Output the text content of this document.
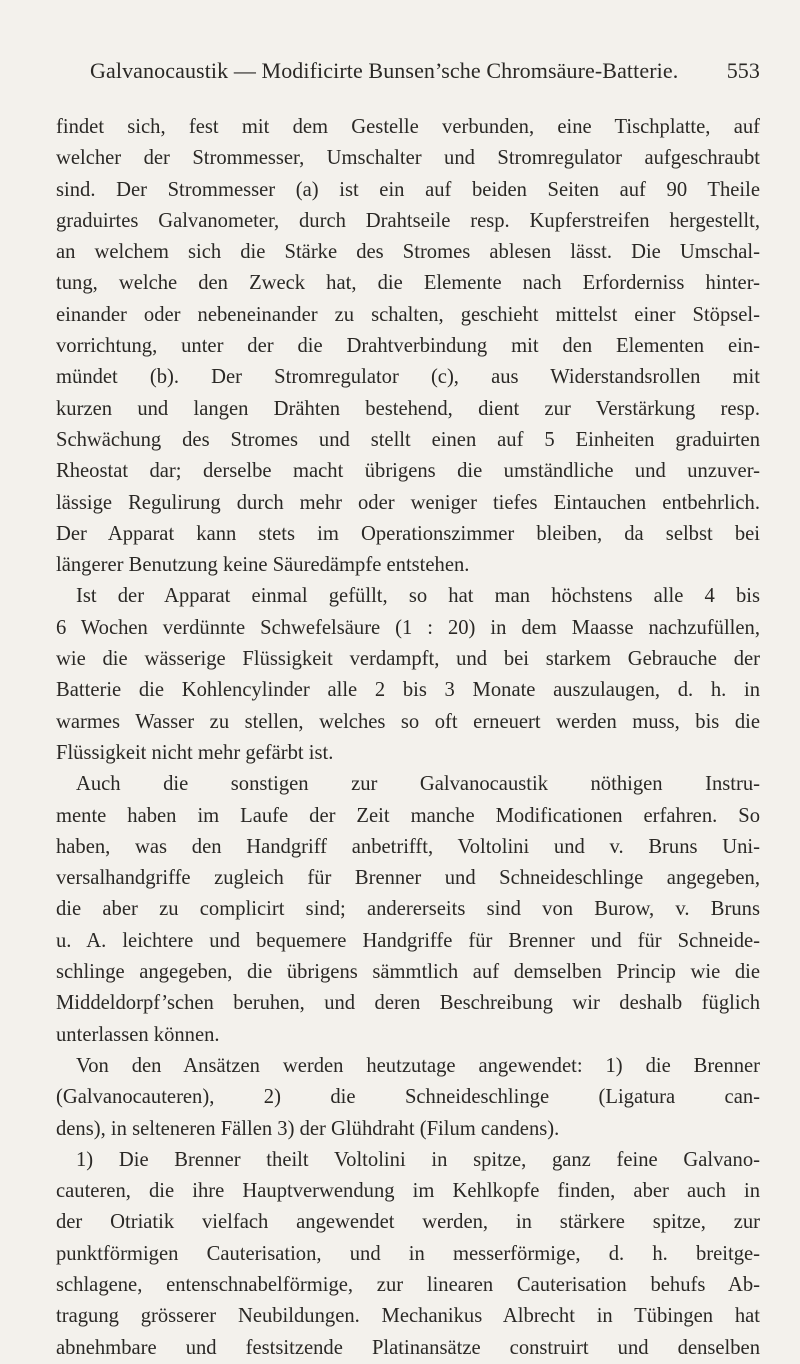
Galvanocaustik — Modificirte Bunsen’sche Chromsäure-Batterie. 553

findet sich, fest mit dem Gestelle verbunden, eine Tischplatte, auf
welcher der Strommesser, Umschalter und Stromregulator aufgeschraubt
sind. Der Strommesser (a) ist ein auf beiden Seiten auf 90 Theile
graduirtes Galvanometer, durch Drahtseile resp. Kupferstreifen hergestellt,
an welchem sich die Stärke des Stromes ablesen lässt. Die Umschal-
tung, welche den Zweck hat, die Elemente nach Erforderniss hinter-
einander oder nebeneinander zu schalten, geschieht mittelst einer Stöpsel-
vorrichtung, unter der die Drahtverbindung mit den Elementen ein-
mündet (b). Der Stromregulator (c), aus Widerstandsrollen mit
kurzen und langen Drähten bestehend, dient zur Verstärkung resp.
Schwächung des Stromes und stellt einen auf 5 Einheiten graduirten
Rheostat dar; derselbe macht übrigens die umständliche und unzuver-
lässige Regulirung durch mehr oder weniger tiefes Eintauchen entbehrlich.
Der Apparat kann stets im Operationszimmer bleiben, da selbst bei
längerer Benutzung keine Säuredämpfe entstehen.

Ist der Apparat einmal gefüllt, so hat man höchstens alle 4 bis
6 Wochen verdünnte Schwefelsäure (1 : 20) in dem Maasse nachzufüllen,
wie die wässerige Flüssigkeit verdampft, und bei starkem Gebrauche der
Batterie die Kohlencylinder alle 2 bis 3 Monate auszulaugen, d. h. in
warmes Wasser zu stellen, welches so oft erneuert werden muss, bis die
Flüssigkeit nicht mehr gefärbt ist.

Auch die sonstigen zur Galvanocaustik nöthigen Instru-
mente haben im Laufe der Zeit manche Modificationen erfahren. So
haben, was den Handgriff anbetrifft, Voltolini und v. Bruns Uni-
versalhandgriffe zugleich für Brenner und Schneideschlinge angegeben,
die aber zu complicirt sind; andererseits sind von Burow, v. Bruns
u. A. leichtere und bequemere Handgriffe für Brenner und für Schneide-
schlinge angegeben, die übrigens sämmtlich auf demselben Princip wie die
Middeldorpf’schen beruhen, und deren Beschreibung wir deshalb füglich
unterlassen können.

Von den Ansätzen werden heutzutage angewendet: 1) die Brenner
(Galvanocauteren), 2) die Schneideschlinge (Ligatura can-
dens), in selteneren Fällen 3) der Glühdraht (Filum candens).

1) Die Brenner theilt Voltolini in spitze, ganz feine Galvano-
cauteren, die ihre Hauptverwendung im Kehlkopfe finden, aber auch in
der Otriatik vielfach angewendet werden, in stärkere spitze, zur
punktförmigen Cauterisation, und in messerförmige, d. h. breitge-
schlagene, entenschnabelförmige, zur linearen Cauterisation behufs Ab-
tragung grösserer Neubildungen. Mechanikus Albrecht in Tübingen hat
abnehmbare und festsitzende Platinansätze construirt und denselben
